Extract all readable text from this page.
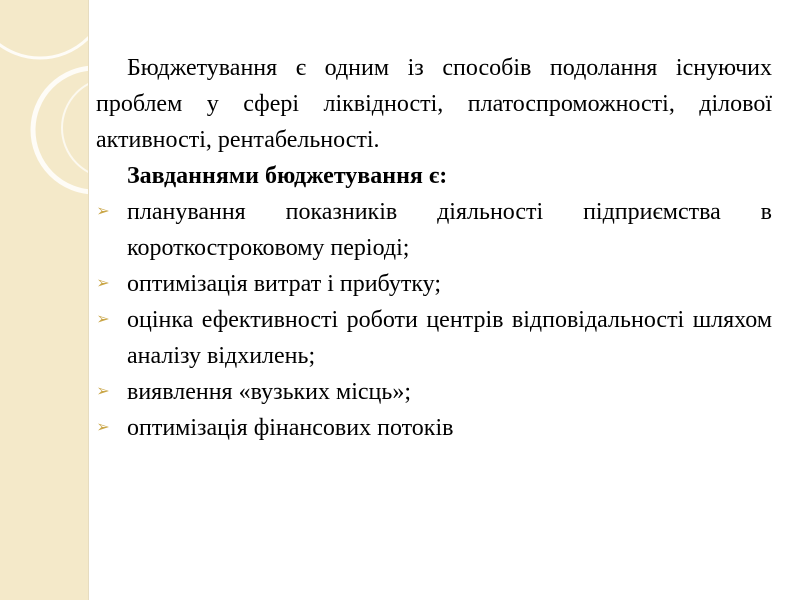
Бюджетування є одним із способів подолання існуючих проблем у сфері ліквідності, платоспроможності, ділової активності, рентабельності.

Завданнями бюджетування є:

➢ планування показників діяльності підприємства в короткостроковому періоді;
➢ оптимізація витрат і прибутку;
➢ оцінка ефективності роботи центрів відповідальності шляхом аналізу відхилень;
➢ виявлення «вузьких місць»;
➢ оптимізація фінансових потоків
